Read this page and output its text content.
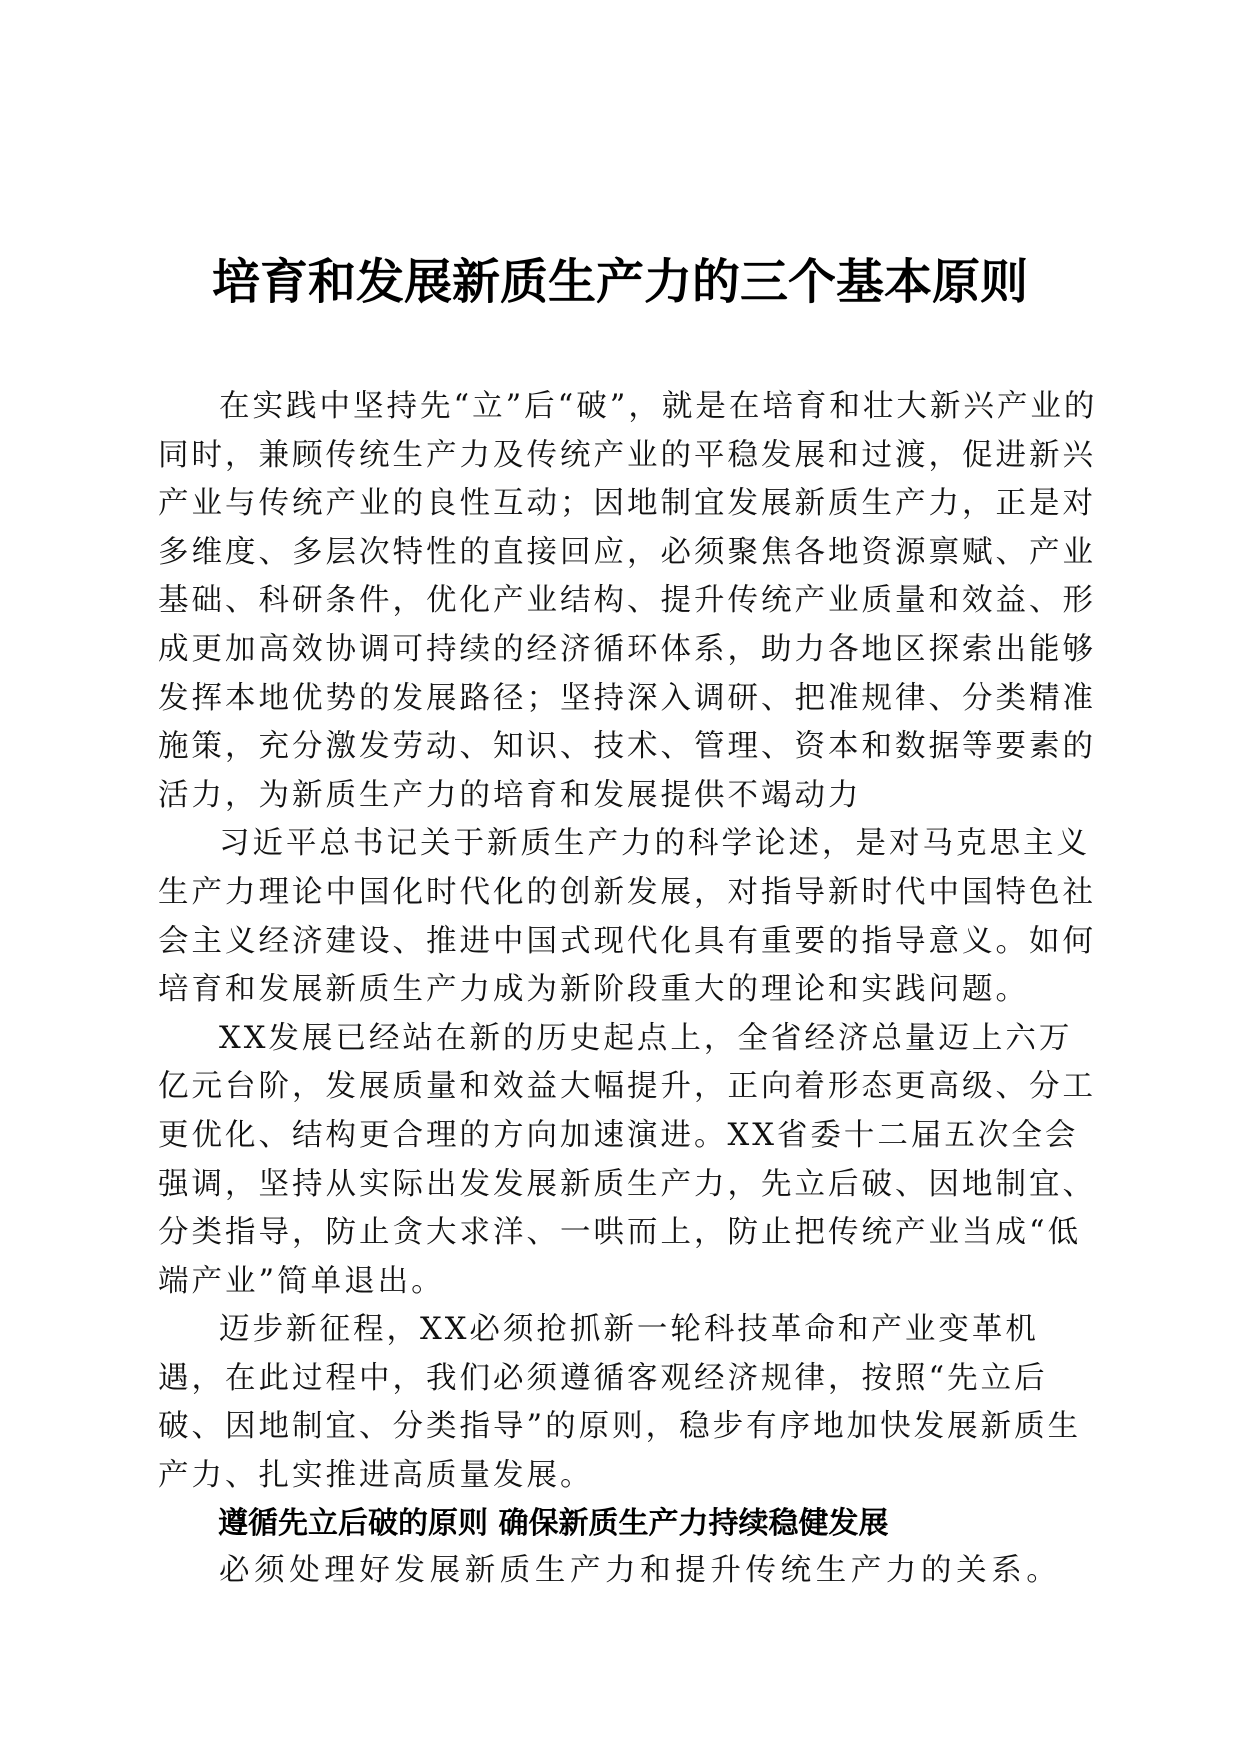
培育和发展新质生产力的三个基本原则

在实践中坚持先“立”后“破”，就是在培育和壮大新兴产业的同时，兼顾传统生产力及传统产业的平稳发展和过渡，促进新兴产业与传统产业的良性互动；因地制宜发展新质生产力，正是对多维度、多层次特性的直接回应，必须聚焦各地资源禀赋、产业基础、科研条件，优化产业结构、提升传统产业质量和效益、形成更加高效协调可持续的经济循环体系，助力各地区探索出能够发挥本地优势的发展路径；坚持深入调研、把准规律、分类精准施策，充分激发劳动、知识、技术、管理、资本和数据等要素的活力，为新质生产力的培育和发展提供不竭动力

习近平总书记关于新质生产力的科学论述，是对马克思主义生产力理论中国化时代化的创新发展，对指导新时代中国特色社会主义经济建设、推进中国式现代化具有重要的指导意义。如何培育和发展新质生产力成为新阶段重大的理论和实践问题。

XX发展已经站在新的历史起点上，全省经济总量迈上六万亿元台阶，发展质量和效益大幅提升，正向着形态更高级、分工更优化、结构更合理的方向加速演进。XX省委十二届五次全会强调，坚持从实际出发发展新质生产力，先立后破、因地制宜、分类指导，防止贪大求洋、一哄而上，防止把传统产业当成“低端产业”简单退出。

迈步新征程，XX必须抢抓新一轮科技革命和产业变革机遇，在此过程中，我们必须遵循客观经济规律，按照“先立后破、因地制宜、分类指导”的原则，稳步有序地加快发展新质生产力、扎实推进高质量发展。

遵循先立后破的原则 确保新质生产力持续稳健发展

必须处理好发展新质生产力和提升传统生产力的关系。
